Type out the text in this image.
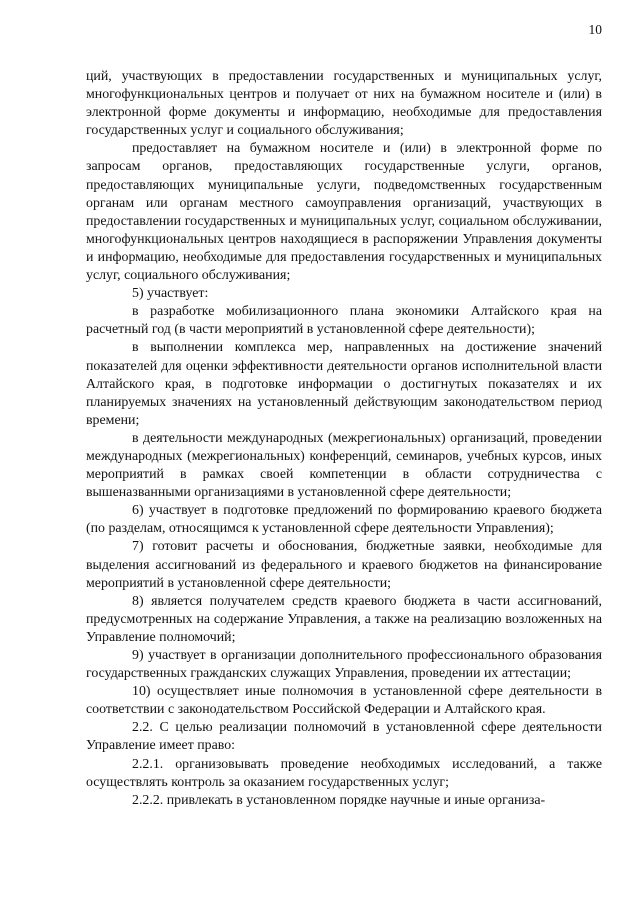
10

ций, участвующих в предоставлении государственных и муниципальных услуг, многофункциональных центров и получает от них на бумажном носителе и (или) в электронной форме документы и информацию, необходимые для предоставления государственных услуг и социального обслуживания;

предоставляет на бумажном носителе и (или) в электронной форме по запросам органов, предоставляющих государственные услуги, органов, предоставляющих муниципальные услуги, подведомственных государственным органам или органам местного самоуправления организаций, участвующих в предоставлении государственных и муниципальных услуг, социальном обслуживании, многофункциональных центров находящиеся в распоряжении Управления документы и информацию, необходимые для предоставления государственных и муниципальных услуг, социального обслуживания;

5) участвует:

в разработке мобилизационного плана экономики Алтайского края на расчетный год (в части мероприятий в установленной сфере деятельности);

в выполнении комплекса мер, направленных на достижение значений показателей для оценки эффективности деятельности органов исполнительной власти Алтайского края, в подготовке информации о достигнутых показателях и их планируемых значениях на установленный действующим законодательством период времени;

в деятельности международных (межрегиональных) организаций, проведении международных (межрегиональных) конференций, семинаров, учебных курсов, иных мероприятий в рамках своей компетенции в области сотрудничества с вышеназванными организациями в установленной сфере деятельности;

6) участвует в подготовке предложений по формированию краевого бюджета (по разделам, относящимся к установленной сфере деятельности Управления);

7) готовит расчеты и обоснования, бюджетные заявки, необходимые для выделения ассигнований из федерального и краевого бюджетов на финансирование мероприятий в установленной сфере деятельности;

8) является получателем средств краевого бюджета в части ассигнований, предусмотренных на содержание Управления, а также на реализацию возложенных на Управление полномочий;

9) участвует в организации дополнительного профессионального образования государственных гражданских служащих Управления, проведении их аттестации;

10) осуществляет иные полномочия в установленной сфере деятельности в соответствии с законодательством Российской Федерации и Алтайского края.

2.2. С целью реализации полномочий в установленной сфере деятельности Управление имеет право:

2.2.1. организовывать проведение необходимых исследований, а также осуществлять контроль за оказанием государственных услуг;

2.2.2. привлекать в установленном порядке научные и иные организа-
